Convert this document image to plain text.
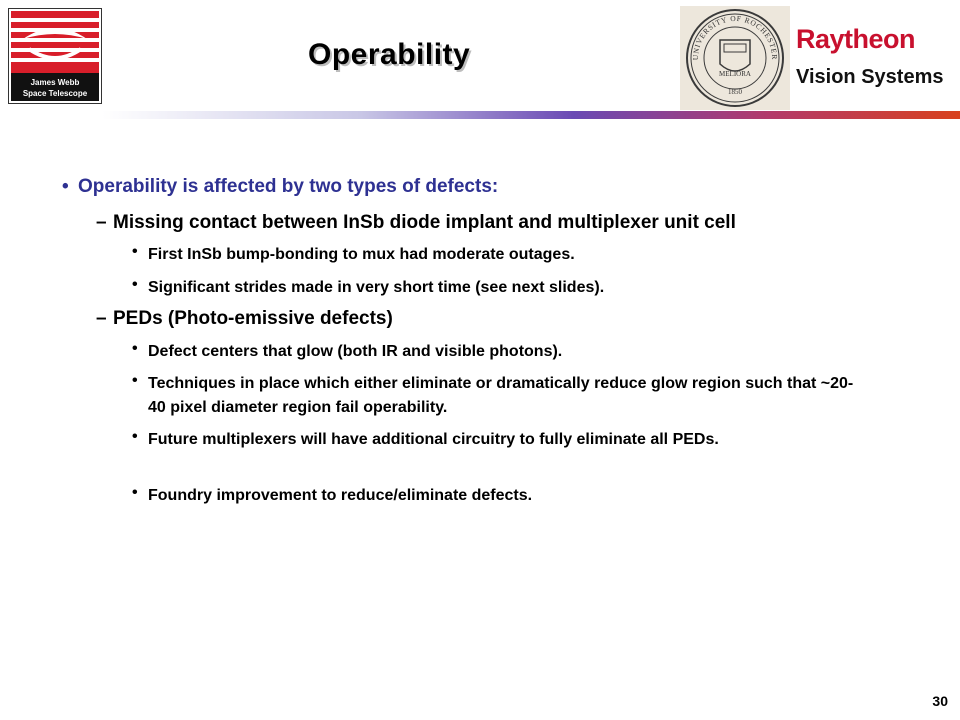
James Webb
Space Telescope
Operability	UNIVERSITY OF ROCHESTER
MELIORA
1850
Raytheon
Vision Systems
• Operability is affected by two types of defects:
– Missing contact between InSb diode implant and multiplexer unit cell
• First InSb bump-bonding to mux had moderate outages.
• Significant strides made in very short time (see next slides).
– PEDs (Photo-emissive defects)
• Defect centers that glow (both IR and visible photons).
• Techniques in place which either eliminate or dramatically reduce glow region such that ~20-40 pixel diameter region fail operability.
• Future multiplexers will have additional circuitry to fully eliminate all PEDs.
• Foundry improvement to reduce/eliminate defects.
30
